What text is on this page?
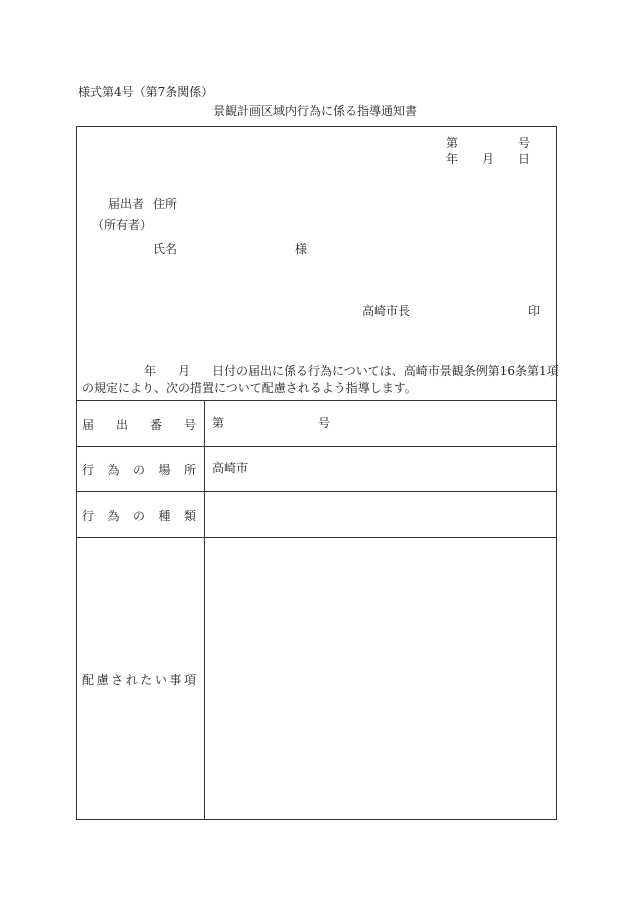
様式第4号（第7条関係）
景観計画区域内行為に係る指導通知書
第	号
年 月 日
届出者 住所
（所有者）
氏名	様
高崎市長	印
年 月 日付の届出に係る行為については、高崎市景観条例第16条第1項
の規定により、次の措置について配慮されるよう指導します。
届 出 番 号 第	号
行 為 の 場 所 高崎市
行 為 の 種 類
配 慮 さ れ た い 事 項
